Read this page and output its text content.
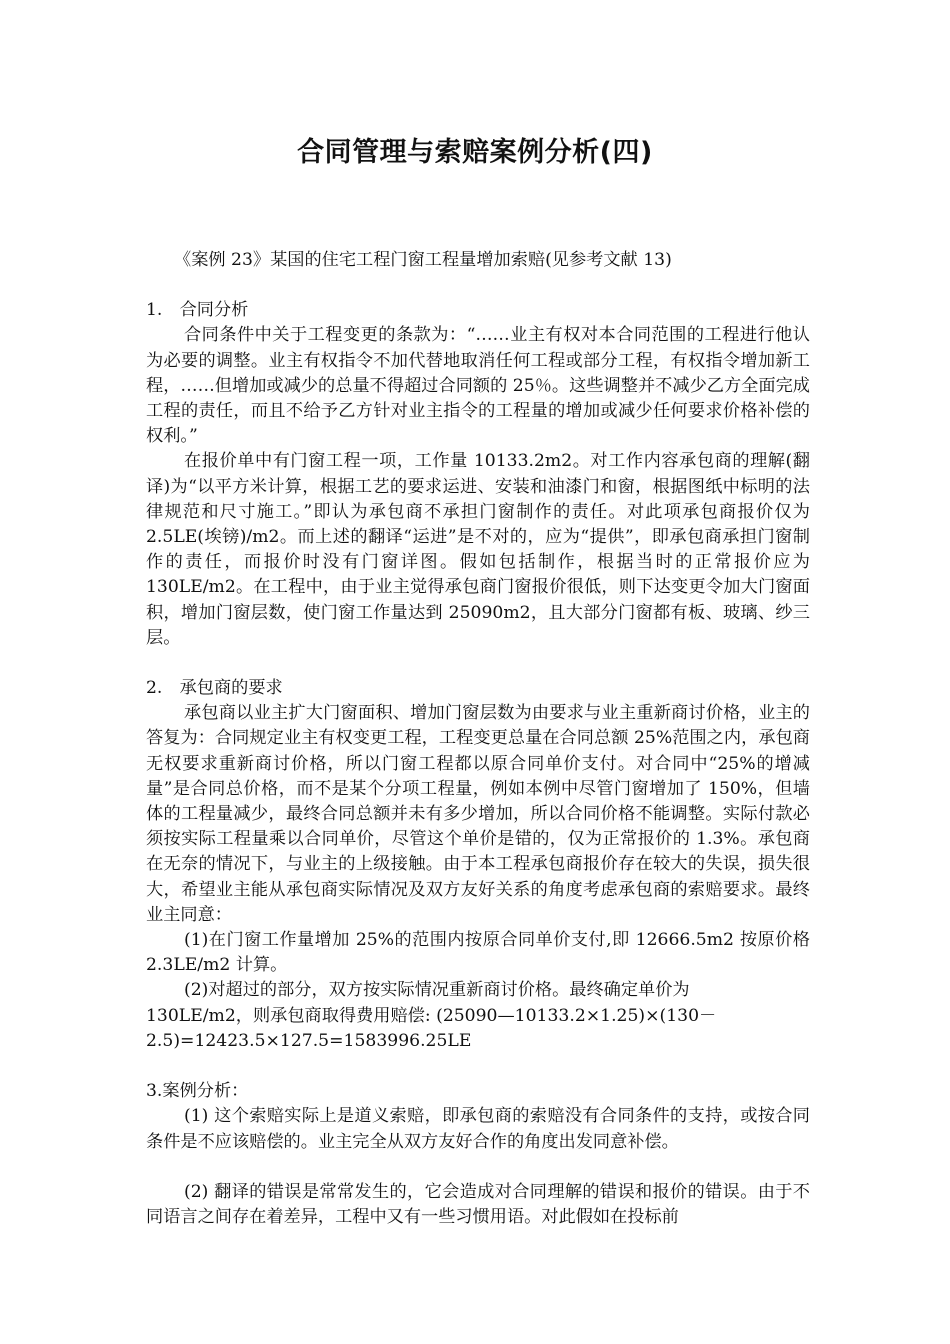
合同管理与索赔案例分析(四)

《案例 23》某国的住宅工程门窗工程量增加索赔(见参考文献 13)

1.　合同分析

合同条件中关于工程变更的条款为：“……业主有权对本合同范围的工程进行他认为必要的调整。业主有权指令不加代替地取消任何工程或部分工程，有权指令增加新工程，……但增加或减少的总量不得超过合同额的 25％。这些调整并不减少乙方全面完成工程的责任，而且不给予乙方针对业主指令的工程量的增加或减少任何要求价格补偿的权利。”

在报价单中有门窗工程一项，工作量 10133.2m2。对工作内容承包商的理解(翻译)为“以平方米计算，根据工艺的要求运进、安装和油漆门和窗，根据图纸中标明的法律规范和尺寸施工。”即认为承包商不承担门窗制作的责任。对此项承包商报价仅为 2.5LE(埃镑)/m2。而上述的翻译“运进”是不对的，应为“提供”，即承包商承担门窗制作的责任，而报价时没有门窗详图。假如包括制作，根据当时的正常报价应为 130LE/m2。在工程中，由于业主觉得承包商门窗报价很低，则下达变更令加大门窗面积，增加门窗层数，使门窗工作量达到 25090m2，且大部分门窗都有板、玻璃、纱三层。

2.　承包商的要求

承包商以业主扩大门窗面积、增加门窗层数为由要求与业主重新商讨价格，业主的答复为：合同规定业主有权变更工程，工程变更总量在合同总额 25%范围之内，承包商无权要求重新商讨价格，所以门窗工程都以原合同单价支付。对合同中“25%的增减量”是合同总价格，而不是某个分项工程量，例如本例中尽管门窗增加了 150%，但墙体的工程量减少，最终合同总额并未有多少增加，所以合同价格不能调整。实际付款必须按实际工程量乘以合同单价，尽管这个单价是错的，仅为正常报价的 1.3%。承包商在无奈的情况下，与业主的上级接触。由于本工程承包商报价存在较大的失误，损失很大，希望业主能从承包商实际情况及双方友好关系的角度考虑承包商的索赔要求。最终业主同意：

(1)在门窗工作量增加 25%的范围内按原合同单价支付,即 12666.5m2 按原价格 2.3LE/m2 计算。

(2)对超过的部分，双方按实际情况重新商讨价格。最终确定单价为

130LE/m2，则承包商取得费用赔偿: (25090—10133.2×1.25)×(130－

2.5)=12423.5×127.5=1583996.25LE

3.案例分析：

(1) 这个索赔实际上是道义索赔，即承包商的索赔没有合同条件的支持，或按合同条件是不应该赔偿的。业主完全从双方友好合作的角度出发同意补偿。

(2) 翻译的错误是常常发生的，它会造成对合同理解的错误和报价的错误。由于不同语言之间存在着差异，工程中又有一些习惯用语。对此假如在投标前
